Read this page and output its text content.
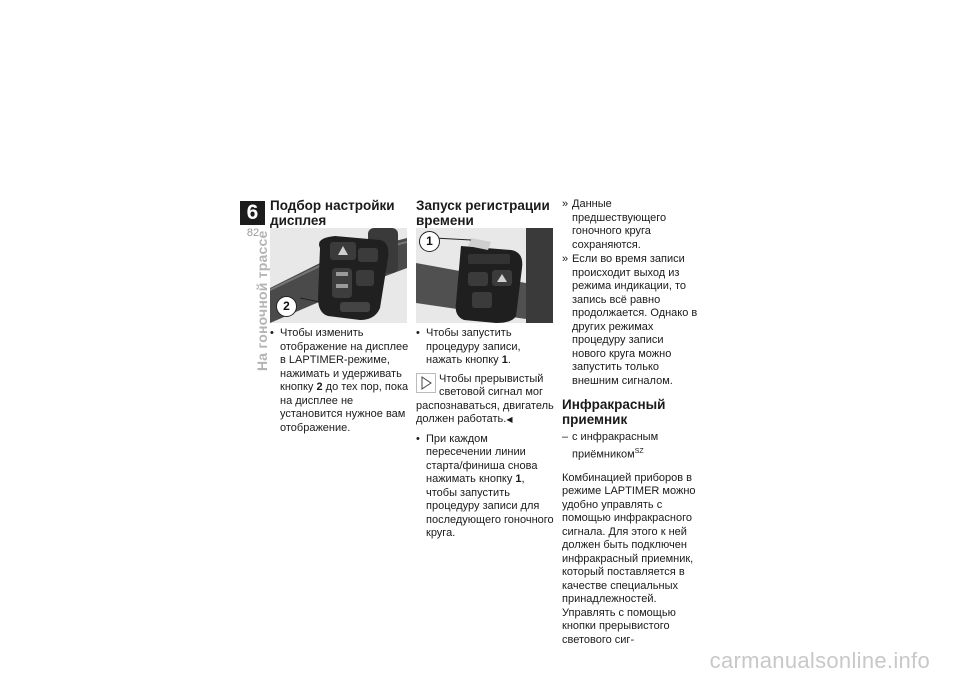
6
82
На гоночной трассе
Подбор настройки дисплея
2

• Чтобы изменить отображение на дисплее в LAPTIMER-режиме, нажимать и удерживать кнопку 2 до тех пор, пока на дисплее не установится нужное вам отображение.

Запуск регистрации времени
1

• Чтобы запустить процедуру записи, нажать кнопку 1.

Чтобы прерывистый световой сигнал мог распознаваться, двигатель должен работать.◀

• При каждом пересечении линии старта/финиша снова нажимать кнопку 1, чтобы запустить процедуру записи для последующего гоночного круга.

» Данные предшествующего гоночного круга сохраняются.

» Если во время записи происходит выход из режима индикации, то запись всё равно продолжается. Однако в других режимах процедуру записи нового круга можно запустить только внешним сигналом.

Инфракрасный приемник

– с инфракрасным приёмником$^{SZ}$

Комбинацией приборов в режиме LAPTIMER можно удобно управлять с помощью инфракрасного сигнала. Для этого к ней должен быть подключен инфракрасный приемник, который поставляется в качестве специальных принадлежностей. Управлять с помощью кнопки прерывистого светового сиг-

carmanualsonline.info
